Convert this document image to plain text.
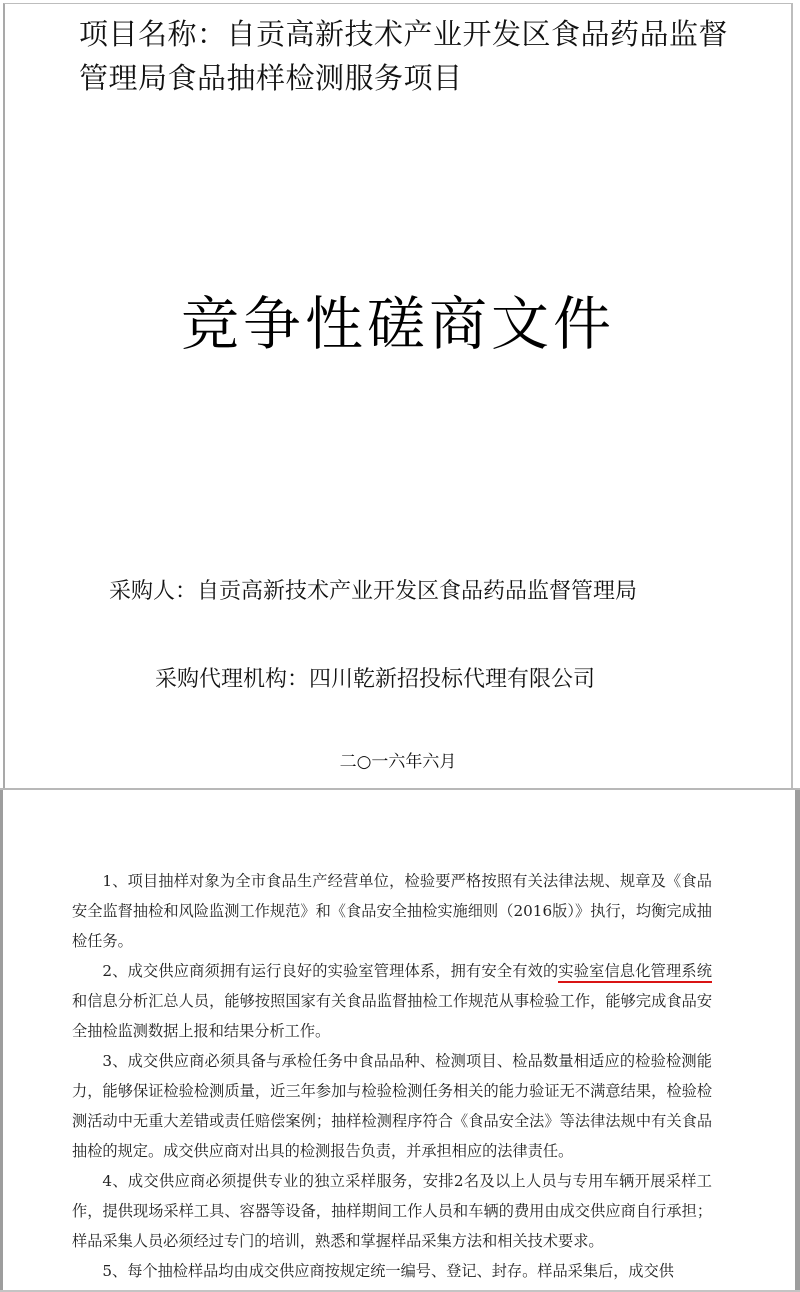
项目名称：自贡高新技术产业开发区食品药品监督
管理局食品抽样检测服务项目
竞争性磋商文件
采购人：自贡高新技术产业开发区食品药品监督管理局
采购代理机构：四川乾新招投标代理有限公司
二○一六年六月

1、项目抽样对象为全市食品生产经营单位，检验要严格按照有关法律法规、规章及《食品安全监督抽检和风险监测工作规范》和《食品安全抽检实施细则（2016版）》执行，均衡完成抽检任务。

2、成交供应商须拥有运行良好的实验室管理体系，拥有安全有效的实验室信息化管理系统和信息分析汇总人员，能够按照国家有关食品监督抽检工作规范从事检验工作，能够完成食品安全抽检监测数据上报和结果分析工作。

3、成交供应商必须具备与承检任务中食品品种、检测项目、检品数量相适应的检验检测能力，能够保证检验检测质量，近三年参加与检验检测任务相关的能力验证无不满意结果，检验检测活动中无重大差错或责任赔偿案例；抽样检测程序符合《食品安全法》等法律法规中有关食品抽检的规定。成交供应商对出具的检测报告负责，并承担相应的法律责任。

4、成交供应商必须提供专业的独立采样服务，安排2名及以上人员与专用车辆开展采样工作，提供现场采样工具、容器等设备，抽样期间工作人员和车辆的费用由成交供应商自行承担；样品采集人员必须经过专门的培训，熟悉和掌握样品采集方法和相关技术要求。

5、每个抽检样品均由成交供应商按规定统一编号、登记、封存。样品采集后，成交供
